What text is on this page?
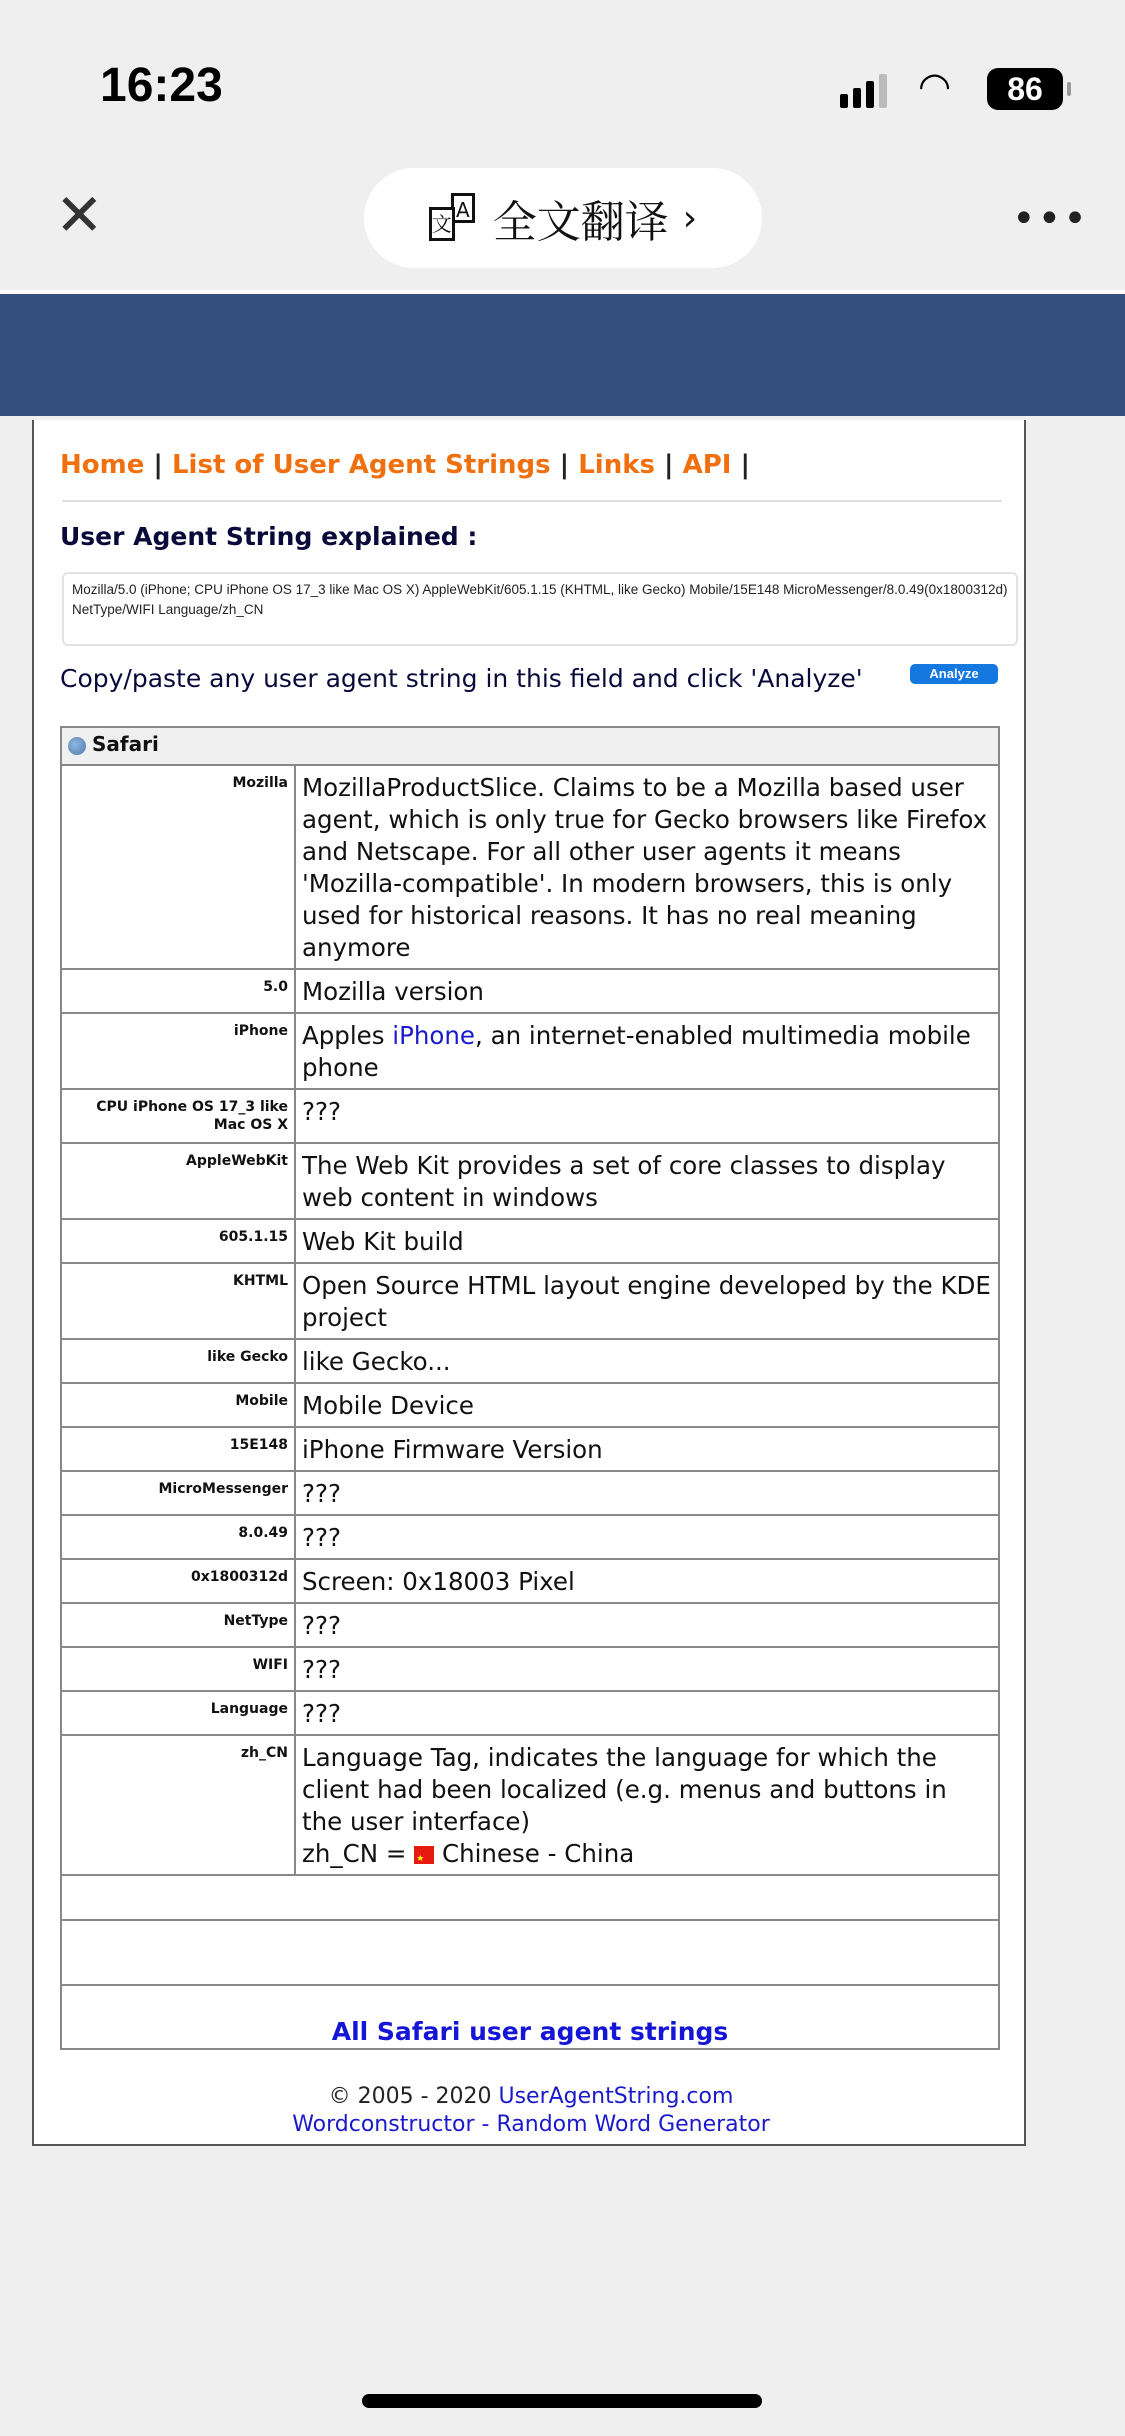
16:23	◠	86
✕	A
文 全文翻译 ›	•••
Home | List of User Agent Strings | Links | API |
User Agent String explained :
Mozilla/5.0 (iPhone; CPU iPhone OS 17_3 like Mac OS X) AppleWebKit/605.1.15 (KHTML, like Gecko) Mobile/15E148 MicroMessenger/8.0.49(0x1800312d) NetType/WIFI Language/zh_CN
Copy/paste any user agent string in this field and click 'Analyze'	Analyze
Safari	
Mozilla	MozillaProductSlice. Claims to be a Mozilla based user agent, which is only true for Gecko browsers like Firefox and Netscape. For all other user agents it means 'Mozilla-compatible'. In modern browsers, this is only used for historical reasons. It has no real meaning anymore
5.0	Mozilla version
iPhone	Apples iPhone, an internet-enabled multimedia mobile phone
CPU iPhone OS 17_3 like Mac OS X	???
AppleWebKit	The Web Kit provides a set of core classes to display web content in windows
605.1.15	Web Kit build
KHTML	Open Source HTML layout engine developed by the KDE project
like Gecko	like Gecko...
Mobile	Mobile Device
15E148	iPhone Firmware Version
MicroMessenger	???
8.0.49	???
0x1800312d	Screen: 0x18003 Pixel
NetType	???
WIFI	???
Language	???
zh_CN	Language Tag, indicates the language for which the client had been localized (e.g. menus and buttons in the user interface)
zh_CN = ★ Chinese - China

All Safari user agent strings	
© 2005 - 2020 UserAgentString.com
Wordconstructor - Random Word Generator
